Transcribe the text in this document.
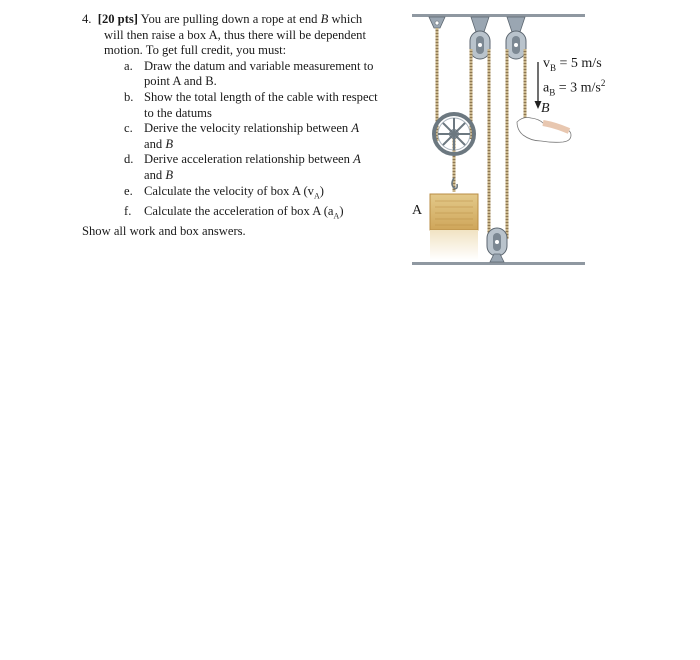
4. [20 pts] You are pulling down a rope at end B which
will then raise a box A, thus there will be dependent
motion. To get full credit, you must:
a. Draw the datum and variable measurement to
point A and B.
b. Show the total length of the cable with respect
to the datums
c. Derive the velocity relationship between A
and B
d. Derive acceleration relationship between A
and B
e. Calculate the velocity of box A $(v_A)$
f. Calculate the acceleration of box A $(a_A)$
Show all work and box answers.
A
B
$v_B = 5$ m/s
$a_B = 3$ $m/s^2$
